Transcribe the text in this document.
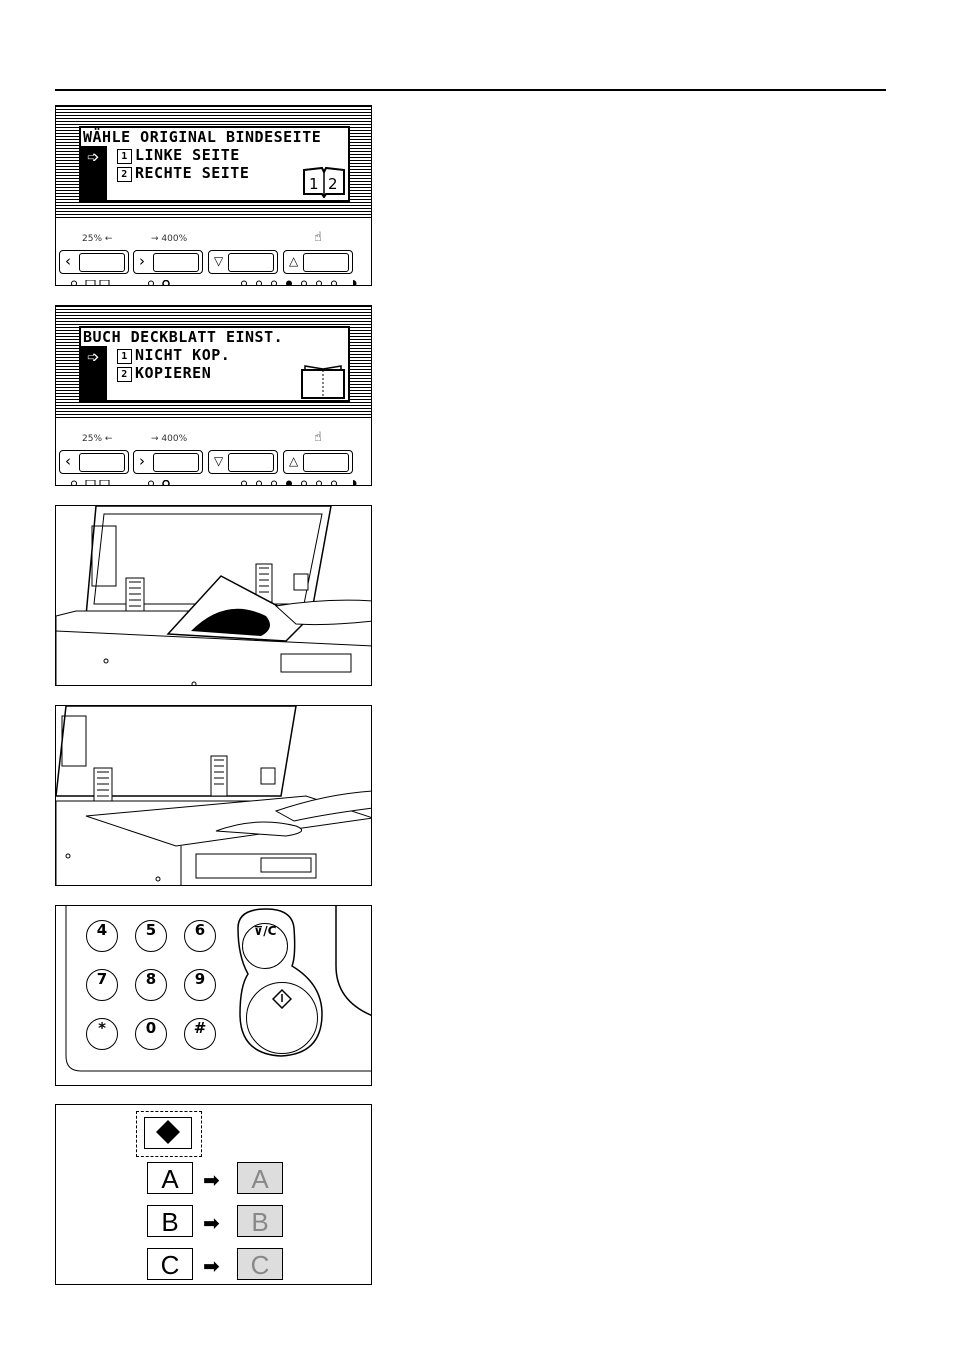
WÄHLE ORIGINAL BINDESEITE
➩	1 LINKE SEITE
2 RECHTE SEITE
1 2
25% ←	→ 400%	☝
‹	›	▽	△
BUCH DECKBLATT EINST.
➩	1 NICHT KOP.
2 KOPIEREN
25% ←	→ 400%	☝
‹	›	▽	△
4	5	6
7	8	9
*	0	#
⊽/C
A	➡	A
B	➡	B
C	➡	C
